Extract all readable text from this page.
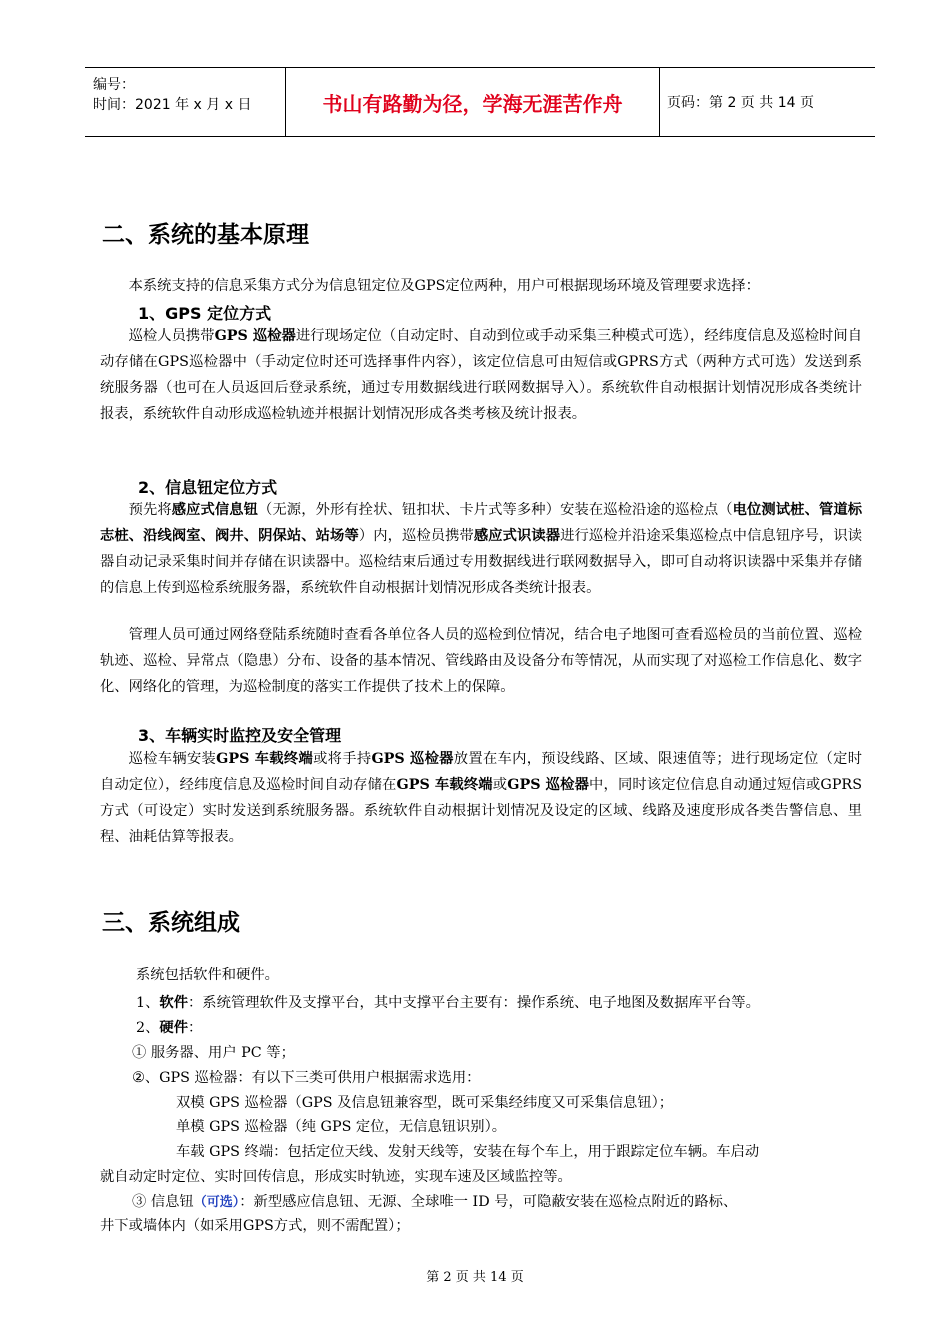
编号：
时间：2021 年 x 月 x 日	书山有路勤为径，学海无涯苦作舟	页码：第 2 页 共 14 页
二、系统的基本原理
本系统支持的信息采集方式分为信息钮定位及GPS定位两种，用户可根据现场环境及管理要求选择：
1、GPS 定位方式
巡检人员携带GPS 巡检器进行现场定位（自动定时、自动到位或手动采集三种模式可选），经纬度信息及巡检时间自动存储在GPS巡检器中（手动定位时还可选择事件内容），该定位信息可由短信或GPRS方式（两种方式可选）发送到系统服务器（也可在人员返回后登录系统，通过专用数据线进行联网数据导入）。系统软件自动根据计划情况形成各类统计报表，系统软件自动形成巡检轨迹并根据计划情况形成各类考核及统计报表。
2、信息钮定位方式
预先将感应式信息钮（无源，外形有拴状、钮扣状、卡片式等多种）安装在巡检沿途的巡检点（电位测试桩、管道标志桩、沿线阀室、阀井、阴保站、站场等）内，巡检员携带感应式识读器进行巡检并沿途采集巡检点中信息钮序号，识读器自动记录采集时间并存储在识读器中。巡检结束后通过专用数据线进行联网数据导入，即可自动将识读器中采集并存储的信息上传到巡检系统服务器，系统软件自动根据计划情况形成各类统计报表。
管理人员可通过网络登陆系统随时查看各单位各人员的巡检到位情况，结合电子地图可查看巡检员的当前位置、巡检轨迹、巡检、异常点（隐患）分布、设备的基本情况、管线路由及设备分布等情况，从而实现了对巡检工作信息化、数字化、网络化的管理，为巡检制度的落实工作提供了技术上的保障。
3、车辆实时监控及安全管理
巡检车辆安装GPS 车载终端或将手持GPS 巡检器放置在车内，预设线路、区域、限速值等；进行现场定位（定时自动定位），经纬度信息及巡检时间自动存储在GPS 车载终端或GPS 巡检器中，同时该定位信息自动通过短信或GPRS方式（可设定）实时发送到系统服务器。系统软件自动根据计划情况及设定的区域、线路及速度形成各类告警信息、里程、油耗估算等报表。
三、系统组成
系统包括软件和硬件。
1、软件：系统管理软件及支撑平台，其中支撑平台主要有：操作系统、电子地图及数据库平台等。
2、硬件：
① 服务器、用户 PC 等；
②、GPS 巡检器：有以下三类可供用户根据需求选用：
双模 GPS 巡检器（GPS 及信息钮兼容型，既可采集经纬度又可采集信息钮）；
单模 GPS 巡检器（纯 GPS 定位，无信息钮识别）。
车载 GPS 终端：包括定位天线、发射天线等，安装在每个车上，用于跟踪定位车辆。车启动
就自动定时定位、实时回传信息，形成实时轨迹，实现车速及区域监控等。
③ 信息钮（可选）：新型感应信息钮、无源、全球唯一 ID 号，可隐蔽安装在巡检点附近的路标、
井下或墙体内（如采用GPS方式，则不需配置）；
第 2 页 共 14 页
